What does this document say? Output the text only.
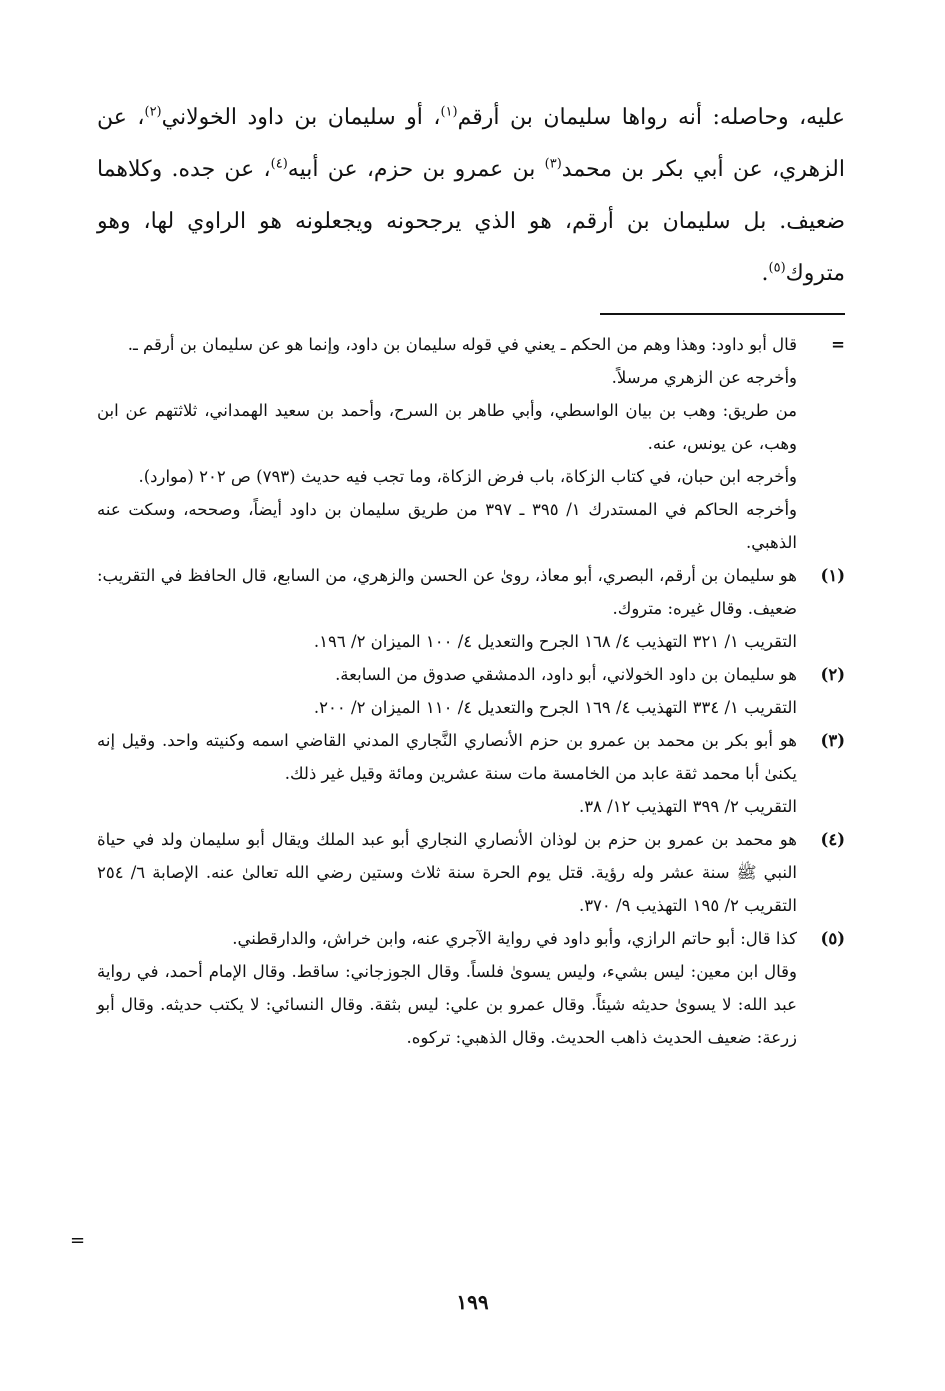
عليه، وحاصله: أنه رواها سليمان بن أرقم$^{(١)}$، أو سليمان بن داود الخولاني$^{(٢)}$، عن الزهري، عن أبي بكر بن محمد$^{(٣)}$ بن عمرو بن حزم، عن أبيه$^{(٤)}$، عن جده. وكلاهما ضعيف. بل سليمان بن أرقم، هو الذي يرجحونه ويجعلونه هو الراوي لها، وهو متروك$^{(٥)}$.

=

قال أبو داود: وهذا وهم من الحكم ـ يعني في قوله سليمان بن داود، وإنما هو عن سليمان بن أرقم ـ.

وأخرجه عن الزهري مرسلاً.

من طريق: وهب بن بيان الواسطي، وأبي طاهر بن السرح، وأحمد بن سعيد الهمداني، ثلاثتهم عن ابن وهب، عن يونس، عنه.

وأخرجه ابن حبان، في كتاب الزكاة، باب فرض الزكاة، وما تجب فيه حديث (٧٩٣) ص ٢٠٢ (موارد).

وأخرجه الحاكم في المستدرك ١/ ٣٩٥ ـ ٣٩٧ من طريق سليمان بن داود أيضاً، وصححه، وسكت عنه الذهبي.

(١)

هو سليمان بن أرقم، البصري، أبو معاذ، روىٰ عن الحسن والزهري، من السابع، قال الحافظ في التقريب: ضعيف. وقال غيره: متروك.

التقريب ١/ ٣٢١ التهذيب ٤/ ١٦٨ الجرح والتعديل ٤/ ١٠٠ الميزان ٢/ ١٩٦.

(٢)

هو سليمان بن داود الخولاني، أبو داود، الدمشقي صدوق من السابعة.

التقريب ١/ ٣٣٤ التهذيب ٤/ ١٦٩ الجرح والتعديل ٤/ ١١٠ الميزان ٢/ ٢٠٠.

(٣)

هو أبو بكر بن محمد بن عمرو بن حزم الأنصاري النَّجاري المدني القاضي اسمه وكنيته واحد. وقيل إنه يكنىٰ أبا محمد ثقة عابد من الخامسة مات سنة عشرين ومائة وقيل غير ذلك.

التقريب ٢/ ٣٩٩ التهذيب ١٢/ ٣٨.

(٤)

هو محمد بن عمرو بن حزم بن لوذان الأنصاري النجاري أبو عبد الملك ويقال أبو سليمان ولد في حياة النبي ﷺ سنة عشر وله رؤية. قتل يوم الحرة سنة ثلاث وستين رضي الله تعالىٰ عنه. الإصابة ٦/ ٢٥٤ التقريب ٢/ ١٩٥ التهذيب ٩/ ٣٧٠.

(٥)

كذا قال: أبو حاتم الرازي، وأبو داود في رواية الآجري عنه، وابن خراش، والدارقطني.

وقال ابن معين: ليس بشيء، وليس يسوىٰ فلساً. وقال الجوزجاني: ساقط. وقال الإمام أحمد، في رواية عبد الله: لا يسوىٰ حديثه شيئاً. وقال عمرو بن علي: ليس بثقة. وقال النسائي: لا يكتب حديثه. وقال أبو زرعة: ضعيف الحديث ذاهب الحديث. وقال الذهبي: تركوه.

=
١٩٩
